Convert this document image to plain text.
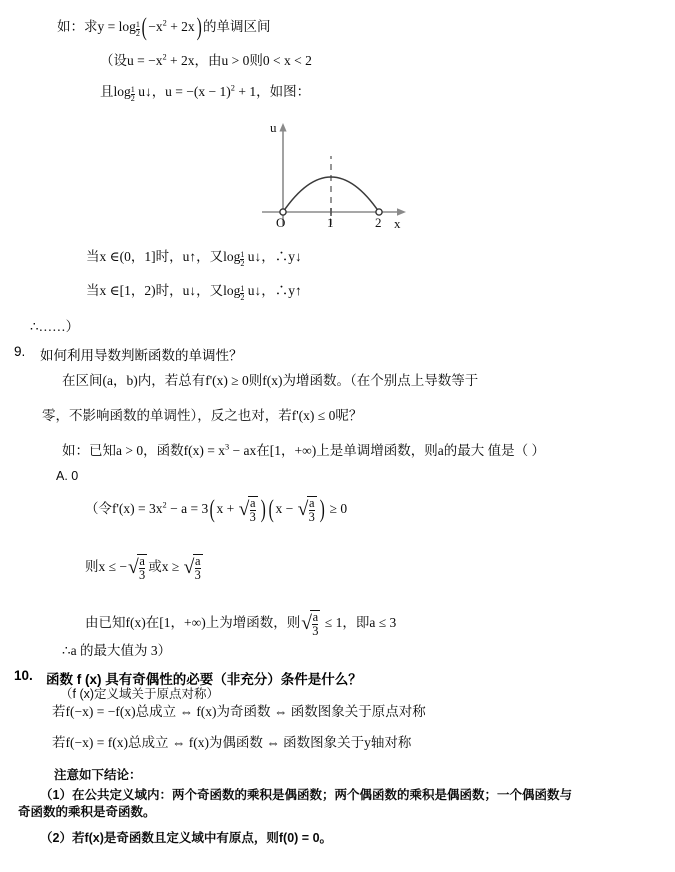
如：求$y = \log \frac{1}{2}$ ( $-x^2 + 2x$) 的单调区间
（设$u = -x^2 + 2x$，由u > 0则0 < x < 2
且$\log \frac{1}{2}$ u↓，$u = -(x - 1)^2 + 1$，如图：
u
x
O	1	2
当x ∈(0，1]时，u↑，又$\log \frac{1}{2}$ u↓，∴y↓
当x ∈[1，2)时，u↓，又$\log \frac{1}{2}$ u↓，∴y↑
∴……）
9. 如何利用导数判断函数的单调性？
在区间(a，b)内，若总有f'(x) ≥ 0则f(x)为增函数。（在个别点上导数等于
零，不影响函数的单调性），反之也对，若f'(x) ≤ 0呢？
如：已知a > 0，函数$f(x) = x^3$ − ax在[1，+∞)上是单调增函数，则a的最大 值是（ ）
A. 0
（令$f'(x) = 3x^2 - a = 3$( x + √ $\frac{a}{3}$ ) ( x − √ $\frac{a}{3}$ ) ≥ 0
则x ≤ − √ $\frac{a}{3}$ 或x ≥ √ $\frac{a}{3}$
由已知f(x)在[1，+∞)上为增函数，则 √ $\frac{a}{3} \le 1$，即a ≤ 3
∴a 的最大值为 3）
10. 函数 f (x) 具有奇偶性的必要（非充分）条件是什么？
（f (x)定义域关于原点对称）
若f(−x) = −f(x)总成立 ⇔ f(x)为奇函数 ⇔ 函数图象关于原点对称
若f(−x) = f(x)总成立 ⇔ f(x)为偶函数 ⇔ 函数图象关于y轴对称
注意如下结论：
（1）在公共定义域内：两个奇函数的乘积是偶函数；两个偶函数的乘积是偶函数；一个偶函数与
奇函数的乘积是奇函数。
（2）若f(x)是奇函数且定义域中有原点，则f(0) = 0。
